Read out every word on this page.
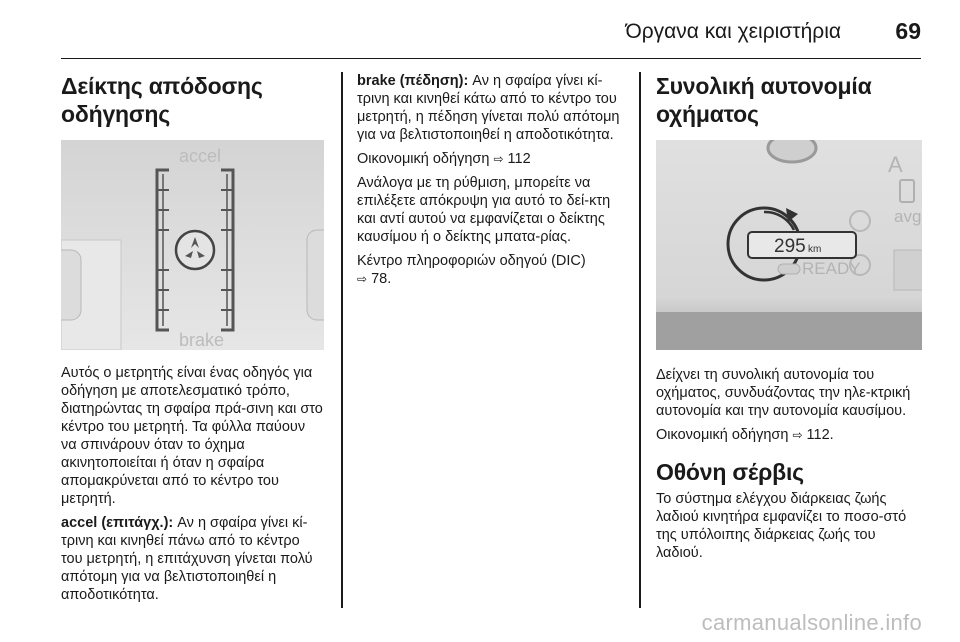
Όργανα και χειριστήρια 69
Δείκτης απόδοσης
οδήγησης
accel
brake

Αυτός ο μετρητής είναι ένας οδηγός για οδήγηση με αποτελεσματικό τρόπο, διατηρώντας τη σφαίρα πρά-σινη και στο κέντρο του μετρητή. Τα φύλλα παύουν να σπινάρουν όταν το όχημα ακινητοποιείται ή όταν η σφαίρα απομακρύνεται από το κέντρο του μετρητή.

accel (επιτάγχ.): Αν η σφαίρα γίνει κί-τρινη και κινηθεί πάνω από το κέντρο του μετρητή, η επιτάχυνση γίνεται πολύ απότομη για να βελτιστοποιηθεί η αποδοτικότητα.

brake (πέδηση): Αν η σφαίρα γίνει κί-τρινη και κινηθεί κάτω από το κέντρο του μετρητή, η πέδηση γίνεται πολύ απότομη για να βελτιστοποιηθεί η αποδοτικότητα.

Οικονομική οδήγηση ⇨ 112

Ανάλογα με τη ρύθμιση, μπορείτε να επιλέξετε απόκρυψη για αυτό το δεί-κτη και αντί αυτού να εμφανίζεται ο δείκτης καυσίμου ή ο δείκτης μπατα-ρίας.

Κέντρο πληροφοριών οδηγού (DIC)
⇨ 78.

Συνολική αυτονομία
οχήματος
A
avg
295 km
READY

Δείχνει τη συνολική αυτονομία του οχήματος, συνδυάζοντας την ηλε-κτρική αυτονομία και την αυτονομία καυσίμου.

Οικονομική οδήγηση ⇨ 112.

Οθόνη σέρβις

Το σύστημα ελέγχου διάρκειας ζωής λαδιού κινητήρα εμφανίζει το ποσο-στό της υπόλοιπης διάρκειας ζωής του λαδιού.

carmanualsonline.info
